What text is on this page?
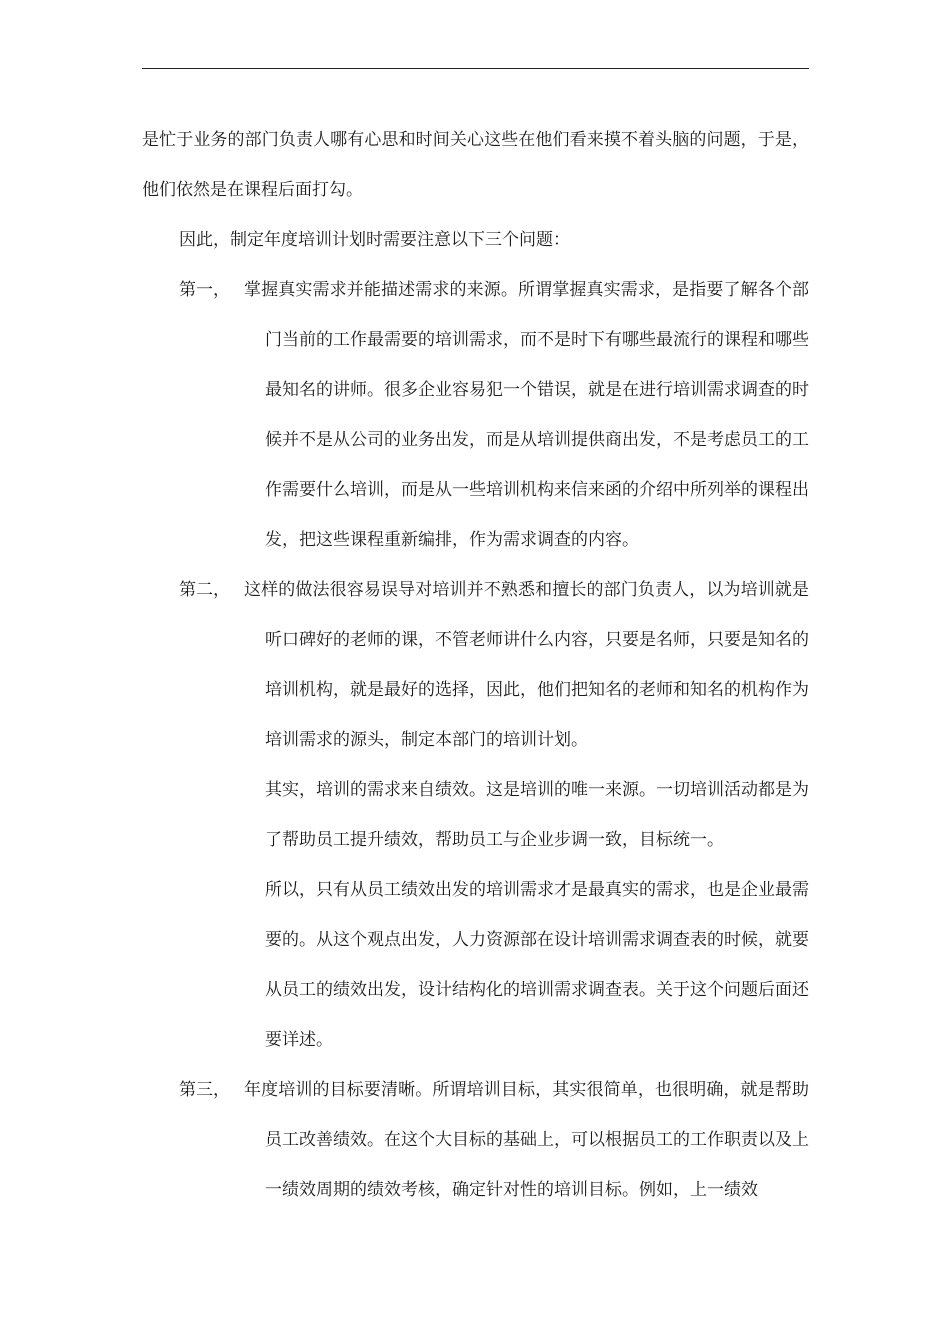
是忙于业务的部门负责人哪有心思和时间关心这些在他们看来摸不着头脑的问题，于是，他们依然是在课程后面打勾。

因此，制定年度培训计划时需要注意以下三个问题：

第一， 掌握真实需求并能描述需求的来源。所谓掌握真实需求，是指要了解各个部门当前的工作最需要的培训需求，而不是时下有哪些最流行的课程和哪些最知名的讲师。很多企业容易犯一个错误，就是在进行培训需求调查的时候并不是从公司的业务出发，而是从培训提供商出发，不是考虑员工的工作需要什么培训，而是从一些培训机构来信来函的介绍中所列举的课程出发，把这些课程重新编排，作为需求调查的内容。
第二， 这样的做法很容易误导对培训并不熟悉和擅长的部门负责人，以为培训就是听口碑好的老师的课，不管老师讲什么内容，只要是名师，只要是知名的培训机构，就是最好的选择，因此，他们把知名的老师和知名的机构作为培训需求的源头，制定本部门的培训计划。

其实，培训的需求来自绩效。这是培训的唯一来源。一切培训活动都是为了帮助员工提升绩效，帮助员工与企业步调一致，目标统一。

所以，只有从员工绩效出发的培训需求才是最真实的需求，也是企业最需要的。从这个观点出发，人力资源部在设计培训需求调查表的时候，就要从员工的绩效出发，设计结构化的培训需求调查表。关于这个问题后面还要详述。

第三， 年度培训的目标要清晰。所谓培训目标，其实很简单，也很明确，就是帮助员工改善绩效。在这个大目标的基础上，可以根据员工的工作职责以及上一绩效周期的绩效考核，确定针对性的培训目标。例如，上一绩效
